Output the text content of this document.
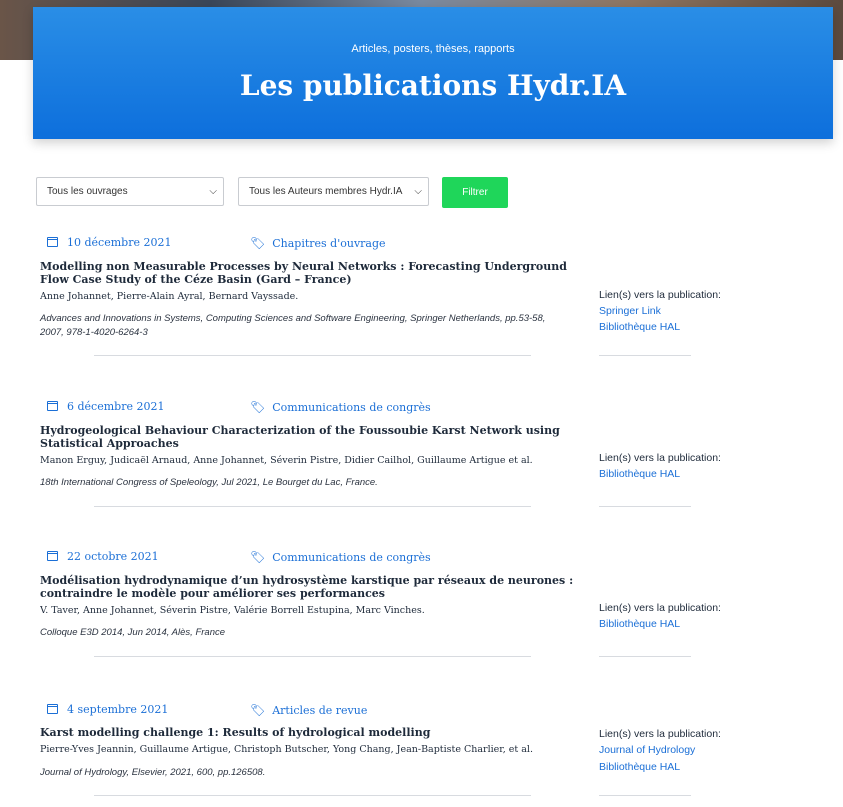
Articles, posters, thèses, rapports
Les publications Hydr.IA
Tous les ouvrages	⌵	Tous les Auteurs membres Hydr.IA ⌵	Filtrer
10 décembre 2021	🏷︎ Chapitres d'ouvrage
Modelling non Measurable Processes by Neural Networks : Forecasting Underground Flow Case Study of the Céze Basin (Gard – France)
Anne Johannet, Pierre-Alain Ayral, Bernard Vayssade.
Advances and Innovations in Systems, Computing Sciences and Software Engineering, Springer Netherlands, pp.53-58, 2007, 978-1-4020-6264-3
Lien(s) vers la publication:
Springer Link
Bibliothèque HAL
6 décembre 2021	🏷︎ Communications de congrès
Hydrogeological Behaviour Characterization of the Foussoubie Karst Network using Statistical Approaches
Manon Erguy, Judicaël Arnaud, Anne Johannet, Séverin Pistre, Didier Cailhol, Guillaume Artigue et al.
18th International Congress of Speleology, Jul 2021, Le Bourget du Lac, France.
Lien(s) vers la publication:
Bibliothèque HAL
22 octobre 2021	🏷︎ Communications de congrès
Modélisation hydrodynamique d’un hydrosystème karstique par réseaux de neurones : contraindre le modèle pour améliorer ses performances
V. Taver, Anne Johannet, Séverin Pistre, Valérie Borrell Estupina, Marc Vinches.
Colloque E3D 2014, Jun 2014, Alès, France
Lien(s) vers la publication:
Bibliothèque HAL
4 septembre 2021	🏷︎ Articles de revue
Karst modelling challenge 1: Results of hydrological modelling
Pierre-Yves Jeannin, Guillaume Artigue, Christoph Butscher, Yong Chang, Jean-Baptiste Charlier, et al.
Journal of Hydrology, Elsevier, 2021, 600, pp.126508.
Lien(s) vers la publication:
Journal of Hydrology
Bibliothèque HAL
